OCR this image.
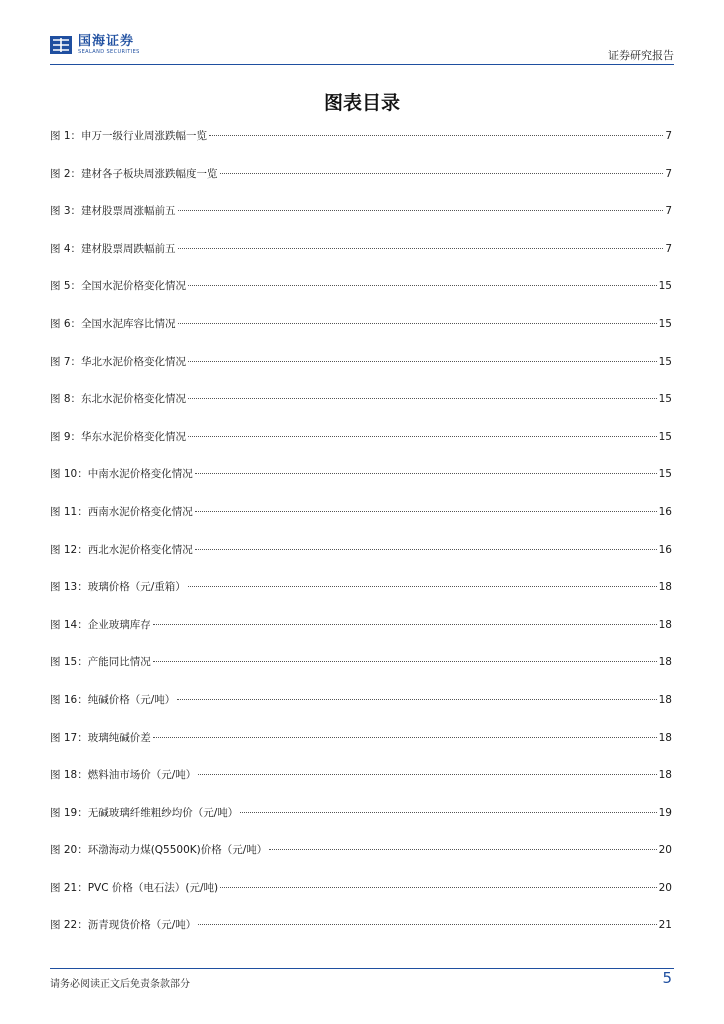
国海证券
SEALAND SECURITIES	证券研究报告
图表目录
图 1：申万一级行业周涨跌幅一览	7
图 2：建材各子板块周涨跌幅度一览	7
图 3：建材股票周涨幅前五	7
图 4：建材股票周跌幅前五	7
图 5：全国水泥价格变化情况	15
图 6：全国水泥库容比情况	15
图 7：华北水泥价格变化情况	15
图 8：东北水泥价格变化情况	15
图 9：华东水泥价格变化情况	15
图 10：中南水泥价格变化情况	15
图 11：西南水泥价格变化情况	16
图 12：西北水泥价格变化情况	16
图 13：玻璃价格（元/重箱）	18
图 14：企业玻璃库存	18
图 15：产能同比情况	18
图 16：纯碱价格（元/吨）	18
图 17：玻璃纯碱价差	18
图 18：燃料油市场价（元/吨）	18
图 19：无碱玻璃纤维粗纱均价（元/吨）	19
图 20：环渤海动力煤(Q5500K)价格（元/吨）	20
图 21：PVC 价格（电石法）(元/吨)	20
图 22：沥青现货价格（元/吨）	21
请务必阅读正文后免责条款部分	5
